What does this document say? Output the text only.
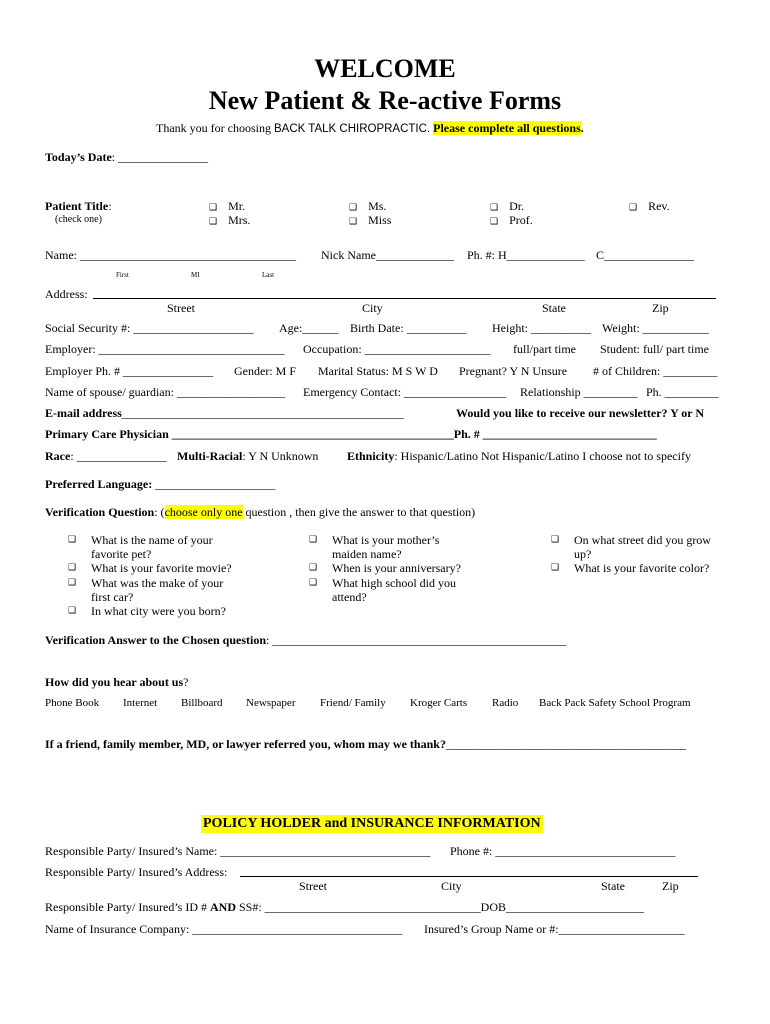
WELCOME
New Patient & Re-active Forms
Thank you for choosing BACK TALK CHIROPRACTIC. Please complete all questions.
Today’s Date: _______________
Patient Title:
(check one)
❑ Mr.
❑ Mrs.
❑ Ms.
❑ Miss
❑ Dr.
❑ Prof.
❑ Rev.
Name: ____________________________________ Nick Name_____________ Ph. #: H_____________ C_______________
First	MI	Last
Address:
Street	City	State	Zip
Social Security #: ____________________ Age:______ Birth Date: __________ Height: __________ Weight: ___________
Employer: _______________________________ Occupation: _____________________ full/part time Student: full/ part time
Employer Ph. # _______________ Gender: M F Marital Status: M S W D Pregnant? Y N Unsure # of Children: _________
Name of spouse/ guardian: __________________ Emergency Contact: _________________ Relationship _________ Ph. _________
E-mail address_______________________________________________	Would you like to receive our newsletter? Y or N
Primary Care Physician _______________________________________________Ph. # _____________________________
Race: _______________ Multi-Racial: Y N Unknown Ethnicity: Hispanic/Latino Not Hispanic/Latino I choose not to specify
Preferred Language: ____________________
Verification Question: (choose only one question , then give the answer to that question)
❑ What is the name of your
favorite pet?
❑ What is your favorite movie?
❑ What was the make of your
first car?
❑ In what city were you born?
❑ What is your mother’s
maiden name?
❑ When is your anniversary?
❑ What high school did you
attend?
❑ On what street did you grow
up?
❑ What is your favorite color?
Verification Answer to the Chosen question: _________________________________________________
How did you hear about us?
Phone Book Internet Billboard Newspaper Friend/ Family Kroger Carts Radio Back Pack Safety School Program
If a friend, family member, MD, or lawyer referred you, whom may we thank?________________________________________
POLICY HOLDER and INSURANCE INFORMATION
Responsible Party/ Insured’s Name: ___________________________________ Phone #: ______________________________
Responsible Party/ Insured’s Address:
Street	City	State	Zip
Responsible Party/ Insured’s ID # AND SS#: ____________________________________DOB_______________________
Name of Insurance Company: ___________________________________ Insured’s Group Name or #:_____________________
